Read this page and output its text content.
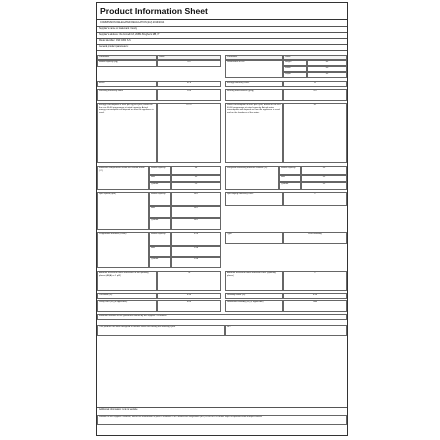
Product Information Sheet
COMMISSION DELEGATED REGULATION (EU) 2019/2014
Supplier's name or trademark: Candy
Supplier's address: Via Comelli 18, 20861 Brugherio MB, IT
Model identifier: CSF 1864 S-S
General product parameters:
Parameter	Value	Parameter	Value
Rated capacity (kg)	6.0	Dimensions in cm	Height	85
Width	60
Depth	43
EEIW	51.0	Energy efficiency class	B
Washing efficiency index	1.04	Rinsing effectiveness (g/kg)	4.9
Energy consumption in kWh per kg per cycle, based on the eco 40-60 programme at rated capacity. Actual energy consumption will depend on how the appliance is used.
0.737	Water consumption in litres per cycle, based on the eco 40-60 programme at rated capacity. Actual water consumption will depend on how the appliance is used and on the hardness of the water.
41
Maximum temperature inside the treated textile (°C)
Rated capacity	38
Half	35
Quarter	25
Weighted remaining moisture content (%)	Rated capacity	53
Half	53
Quarter	53
Spin speed (rpm)	Rated capacity	861
Half	861
Quarter	861
Spin-drying efficiency class	C
Programme duration (h:min)	Rated capacity	3:29
Half	2:58
Quarter	2:58
Type	Free-standing
Airborne acoustical noise emissions in the spinning phase (dB(A) re 1 pW)
76	Airborne acoustical noise emission class (spinning phase)
C
Off-mode (W)	0.50	Standby mode (W)	0.50
Delay start (W) (if applicable)	4.00	Networked standby (W) (if applicable)	N/A
Minimum duration of the guarantee offered by the supplier: 24 months
This product has been designed to release silver ions during the washing cycle	NO
Additional information: Link to website
Weblink to the supplier's website, where the information in point 9 of Annex II to Commission Regulation (EU) 2019/2023 is found: https://corporate.haier-europe.com/en/
